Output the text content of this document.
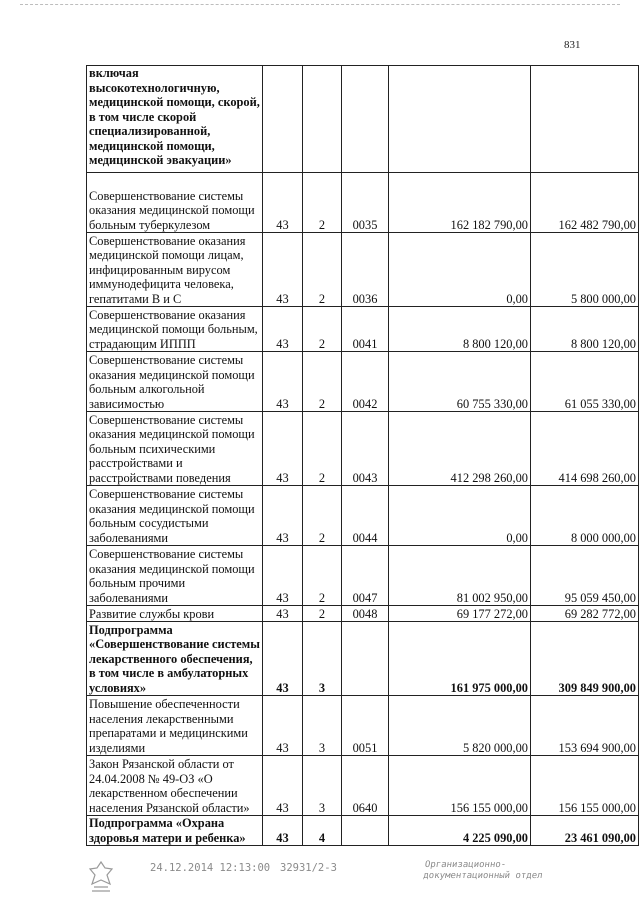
831
включая высокотехнологичную, медицинской помощи, скорой, в том числе скорой специализированной, медицинской помощи, медицинской эвакуации»					
Совершенствование системы оказания медицинской помощи больным туберкулезом	43	2	0035	162 182 790,00	162 482 790,00
Совершенствование оказания медицинской помощи лицам, инфицированным вирусом иммунодефицита человека, гепатитами В и С	43	2	0036	0,00	5 800 000,00
Совершенствование оказания медицинской помощи больным, страдающим ИППП	43	2	0041	8 800 120,00	8 800 120,00
Совершенствование системы оказания медицинской помощи больным алкогольной зависимостью	43	2	0042	60 755 330,00	61 055 330,00
Совершенствование системы оказания медицинской помощи больным психическими расстройствами и расстройствами поведения	43	2	0043	412 298 260,00	414 698 260,00
Совершенствование системы оказания медицинской помощи больным сосудистыми заболеваниями	43	2	0044	0,00	8 000 000,00
Совершенствование системы оказания медицинской помощи больным прочими заболеваниями	43	2	0047	81 002 950,00	95 059 450,00
Развитие службы крови	43	2	0048	69 177 272,00	69 282 772,00
Подпрограмма «Совершенствование системы лекарственного обеспечения, в том числе в амбулаторных условиях»	43	3		161 975 000,00	309 849 900,00
Повышение обеспеченности населения лекарственными препаратами и медицинскими изделиями	43	3	0051	5 820 000,00	153 694 900,00
Закон Рязанской области от 24.04.2008 № 49-ОЗ «О лекарственном обеспечении населения Рязанской области»	43	3	0640	156 155 000,00	156 155 000,00
Подпрограмма «Охрана здоровья матери и ребенка»	43	4		4 225 090,00	23 461 090,00
24.12.2014 12:13:00 32931/2-3	Организационно-
документационный отдел
